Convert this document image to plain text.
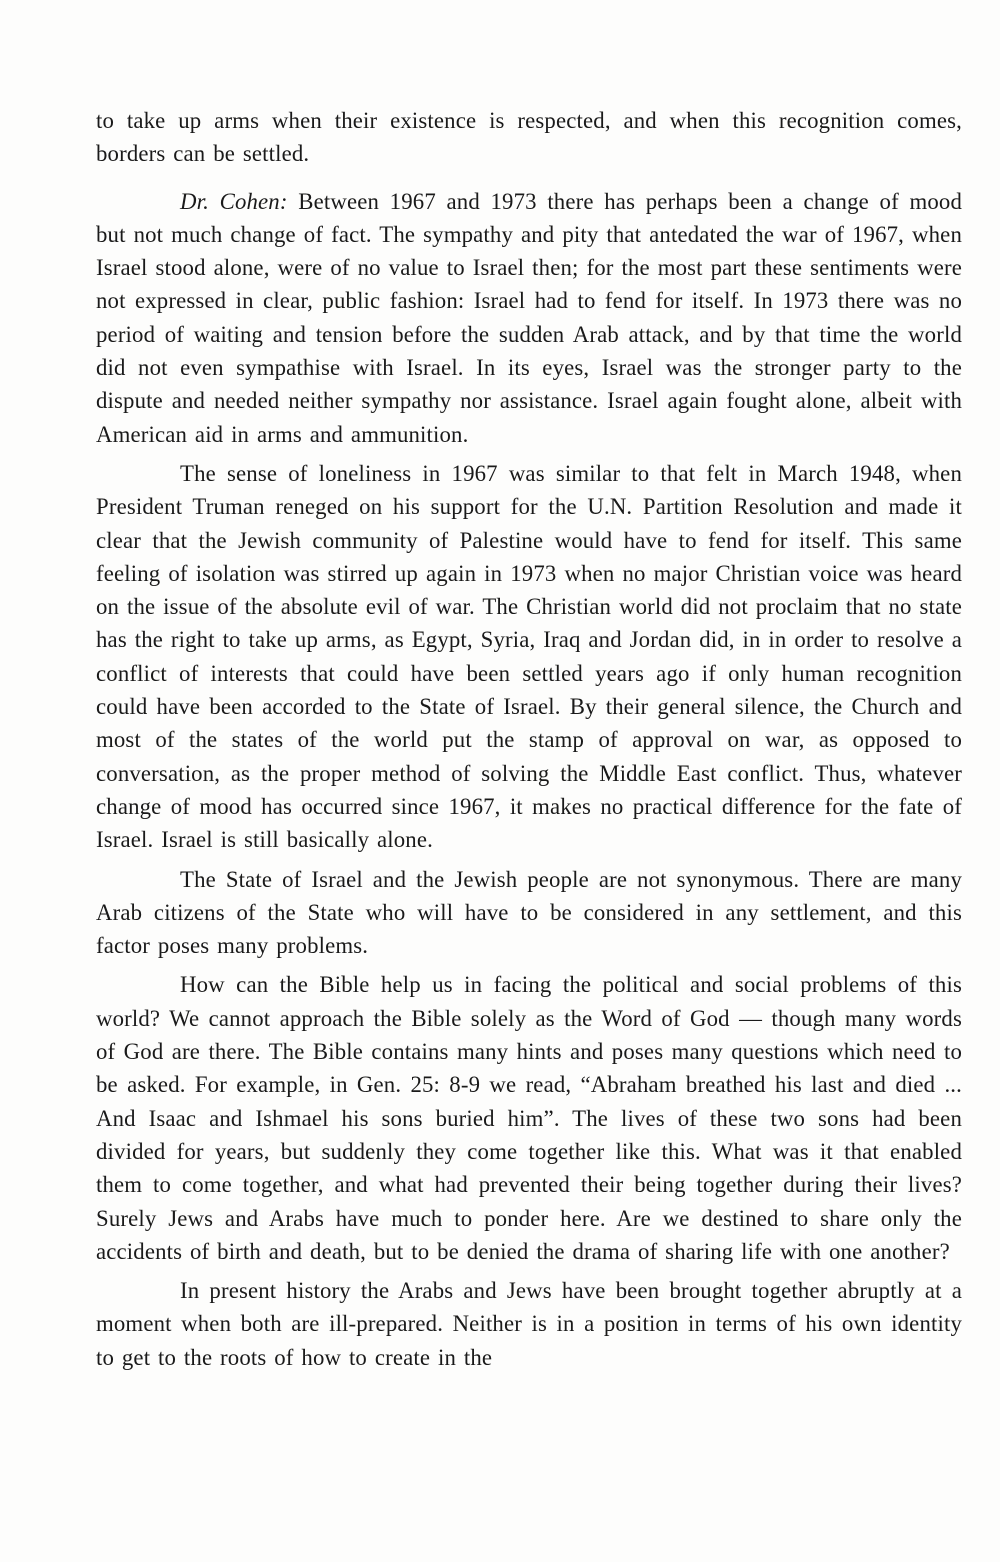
to take up arms when their existence is respected, and when this recognition comes, borders can be settled.

Dr. Cohen: Between 1967 and 1973 there has perhaps been a change of mood but not much change of fact. The sympathy and pity that antedated the war of 1967, when Israel stood alone, were of no value to Israel then; for the most part these sentiments were not expressed in clear, public fashion: Israel had to fend for itself. In 1973 there was no period of waiting and tension before the sudden Arab attack, and by that time the world did not even sympathise with Israel. In its eyes, Israel was the stronger party to the dispute and needed neither sympathy nor assistance. Israel again fought alone, albeit with American aid in arms and ammunition.

The sense of loneliness in 1967 was similar to that felt in March 1948, when President Truman reneged on his support for the U.N. Partition Resolution and made it clear that the Jewish community of Palestine would have to fend for itself. This same feeling of isolation was stirred up again in 1973 when no major Christian voice was heard on the issue of the absolute evil of war. The Christian world did not proclaim that no state has the right to take up arms, as Egypt, Syria, Iraq and Jordan did, in in order to resolve a conflict of interests that could have been settled years ago if only human recognition could have been accorded to the State of Israel. By their general silence, the Church and most of the states of the world put the stamp of approval on war, as opposed to conversation, as the proper method of solving the Middle East conflict. Thus, whatever change of mood has occurred since 1967, it makes no practical difference for the fate of Israel. Israel is still basically alone.

The State of Israel and the Jewish people are not synonymous. There are many Arab citizens of the State who will have to be considered in any settlement, and this factor poses many problems.

How can the Bible help us in facing the political and social problems of this world? We cannot approach the Bible solely as the Word of God — though many words of God are there. The Bible contains many hints and poses many questions which need to be asked. For example, in Gen. 25: 8-9 we read, “Abraham breathed his last and died ... And Isaac and Ishmael his sons buried him”. The lives of these two sons had been divided for years, but suddenly they come together like this. What was it that enabled them to come together, and what had prevented their being together during their lives? Surely Jews and Arabs have much to ponder here. Are we destined to share only the accidents of birth and death, but to be denied the drama of sharing life with one another?

In present history the Arabs and Jews have been brought together abruptly at a moment when both are ill-prepared. Neither is in a position in terms of his own identity to get to the roots of how to create in the
